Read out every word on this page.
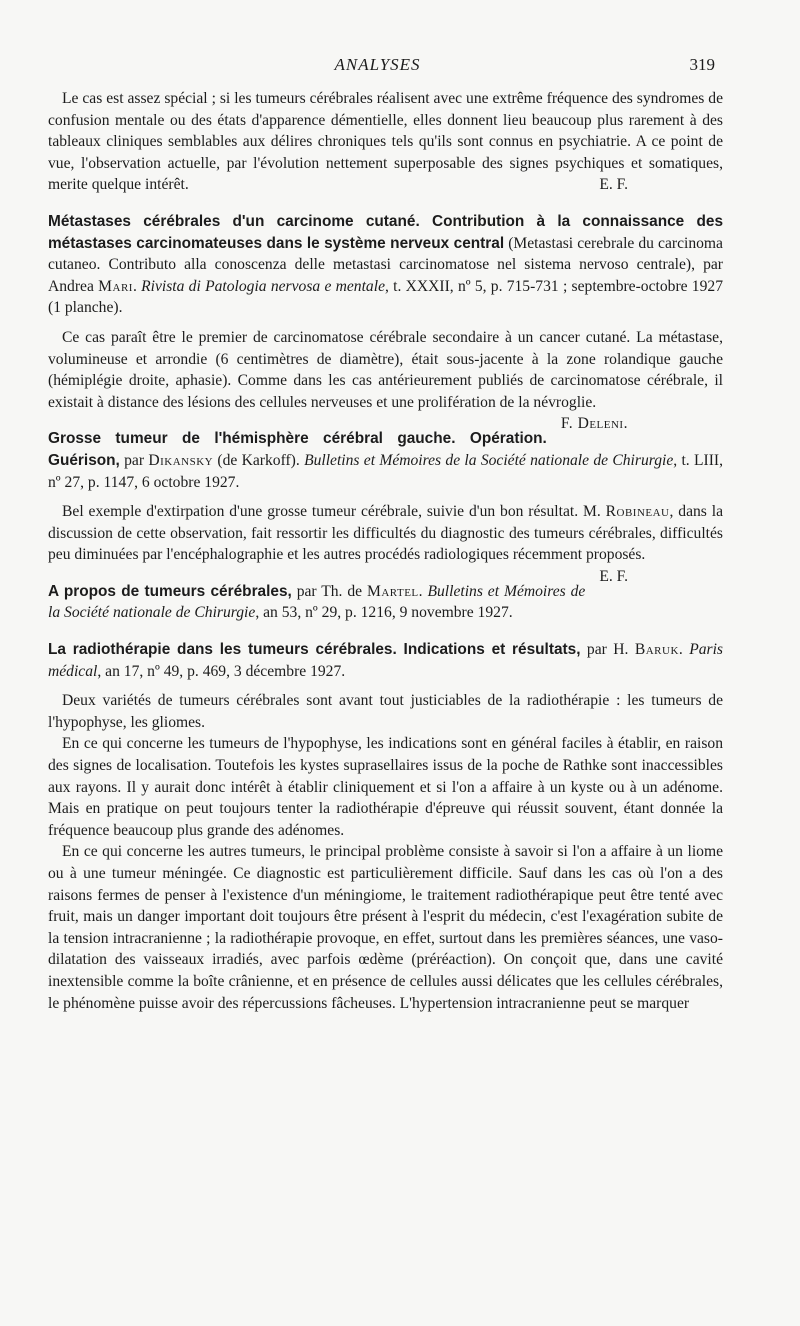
ANALYSES	319

Le cas est assez spécial ; si les tumeurs cérébrales réalisent avec une extrême fréquence des syndromes de confusion mentale ou des états d'apparence démentielle, elles donnent lieu beaucoup plus rarement à des tableaux cliniques semblables aux délires chroniques tels qu'ils sont connus en psychiatrie. A ce point de vue, l'observation actuelle, par l'évolution nettement superposable des signes psychiques et somatiques, merite quelque intérêt.	E. F.

Métastases cérébrales d'un carcinome cutané. Contribution à la connaissance des métastases carcinomateuses dans le système nerveux central (Metastasi cerebrale du carcinoma cutaneo. Contributo alla conoscenza delle metastasi carcinomatose nel sistema nervoso centrale), par Andrea Mari. Rivista di Patologia nervosa e mentale, t. XXXII, nº 5, p. 715-731 ; septembre-octobre 1927 (1 planche).

Ce cas paraît être le premier de carcinomatose cérébrale secondaire à un cancer cutané. La métastase, volumineuse et arrondie (6 centimètres de diamètre), était sous-jacente à la zone rolandique gauche (hémiplégie droite, aphasie). Comme dans les cas antérieurement publiés de carcinomatose cérébrale, il existait à distance des lésions des cellules nerveuses et une prolifération de la névroglie.
F. Deleni.

Grosse tumeur de l'hémisphère cérébral gauche. Opération. Guérison, par Dikansky (de Karkoff). Bulletins et Mémoires de la Société nationale de Chirurgie, t. LIII, nº 27, p. 1147, 6 octobre 1927.

Bel exemple d'extirpation d'une grosse tumeur cérébrale, suivie d'un bon résultat. M. Robineau, dans la discussion de cette observation, fait ressortir les difficultés du diagnostic des tumeurs cérébrales, difficultés peu diminuées par l'encéphalographie et les autres procédés radiologiques récemment proposés.
E. F.

A propos de tumeurs cérébrales, par Th. de Martel. Bulletins et Mémoires de la Société nationale de Chirurgie, an 53, nº 29, p. 1216, 9 novembre 1927.

La radiothérapie dans les tumeurs cérébrales. Indications et résultats, par H. Baruk. Paris médical, an 17, nº 49, p. 469, 3 décembre 1927.

Deux variétés de tumeurs cérébrales sont avant tout justiciables de la radiothérapie : les tumeurs de l'hypophyse, les gliomes.

En ce qui concerne les tumeurs de l'hypophyse, les indications sont en général faciles à établir, en raison des signes de localisation. Toutefois les kystes suprasellaires issus de la poche de Rathke sont inaccessibles aux rayons. Il y aurait donc intérêt à établir cliniquement et si l'on a affaire à un kyste ou à un adénome. Mais en pratique on peut toujours tenter la radiothérapie d'épreuve qui réussit souvent, étant donnée la fréquence beaucoup plus grande des adénomes.

En ce qui concerne les autres tumeurs, le principal problème consiste à savoir si l'on a affaire à un liome ou à une tumeur méningée. Ce diagnostic est particulièrement difficile. Sauf dans les cas où l'on a des raisons fermes de penser à l'existence d'un méningiome, le traitement radiothérapique peut être tenté avec fruit, mais un danger important doit toujours être présent à l'esprit du médecin, c'est l'exagération subite de la tension intracranienne ; la radiothérapie provoque, en effet, surtout dans les premières séances, une vaso-dilatation des vaisseaux irradiés, avec parfois œdème (préréaction). On conçoit que, dans une cavité inextensible comme la boîte crânienne, et en présence de cellules aussi délicates que les cellules cérébrales, le phénomène puisse avoir des répercussions fâcheuses. L'hypertension intracranienne peut se marquer
